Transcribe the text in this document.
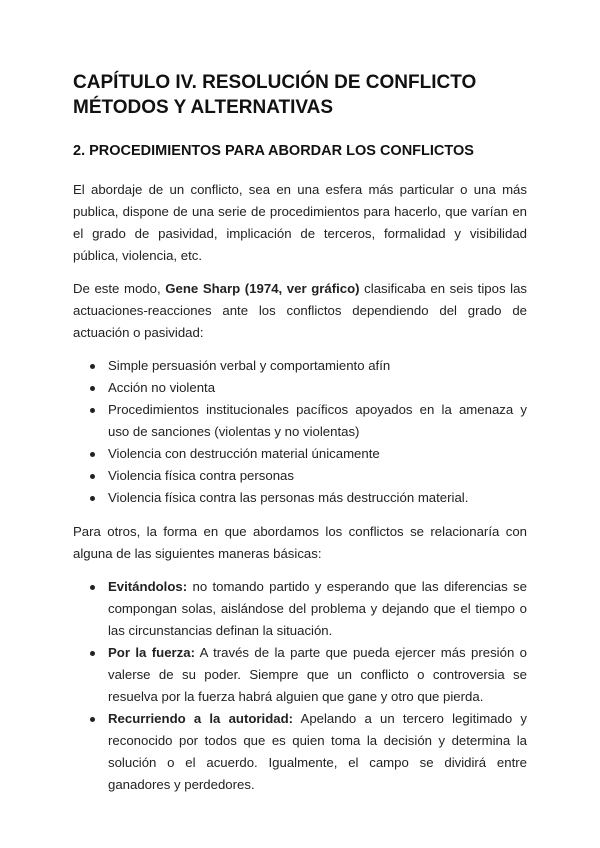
CAPÍTULO IV. RESOLUCIÓN DE CONFLICTO MÉTODOS Y ALTERNATIVAS
2. PROCEDIMIENTOS PARA ABORDAR LOS CONFLICTOS

El abordaje de un conflicto, sea en una esfera más particular o una más publica, dispone de una serie de procedimientos para hacerlo, que varían en el grado de pasividad, implicación de terceros, formalidad y visibilidad pública, violencia, etc.

De este modo, Gene Sharp (1974, ver gráfico) clasificaba en seis tipos las actuaciones-reacciones ante los conflictos dependiendo del grado de actuación o pasividad:

Simple persuasión verbal y comportamiento afín
Acción no violenta
Procedimientos institucionales pacíficos apoyados en la amenaza y uso de sanciones (violentas y no violentas)
Violencia con destrucción material únicamente
Violencia física contra personas
Violencia física contra las personas más destrucción material.

Para otros, la forma en que abordamos los conflictos se relacionaría con alguna de las siguientes maneras básicas:

Evitándolos: no tomando partido y esperando que las diferencias se compongan solas, aislándose del problema y dejando que el tiempo o las circunstancias definan la situación.
Por la fuerza: A través de la parte que pueda ejercer más presión o valerse de su poder. Siempre que un conflicto o controversia se resuelva por la fuerza habrá alguien que gane y otro que pierda.
Recurriendo a la autoridad: Apelando a un tercero legitimado y reconocido por todos que es quien toma la decisión y determina la solución o el acuerdo. Igualmente, el campo se dividirá entre ganadores y perdedores.
